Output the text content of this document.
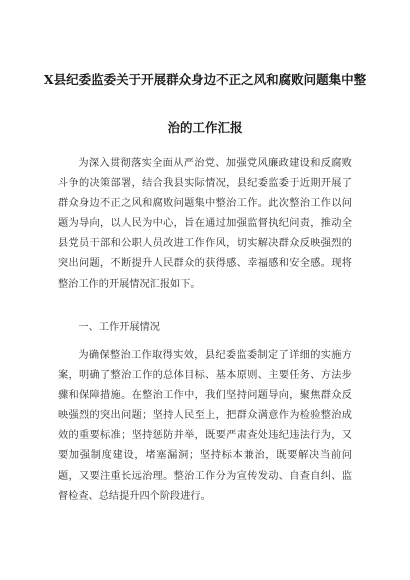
X县纪委监委关于开展群众身边不正之风和腐败问题集中整
治的工作汇报

为深入贯彻落实全面从严治党、加强党风廉政建设和反腐败斗争的决策部署，结合我县实际情况，县纪委监委于近期开展了群众身边不正之风和腐败问题集中整治工作。此次整治工作以问题为导向，以人民为中心，旨在通过加强监督执纪问责，推动全县党员干部和公职人员改进工作作风，切实解决群众反映强烈的突出问题，不断提升人民群众的获得感、幸福感和安全感。现将整治工作的开展情况汇报如下。

一、工作开展情况

为确保整治工作取得实效，县纪委监委制定了详细的实施方案，明确了整治工作的总体目标、基本原则、主要任务、方法步骤和保障措施。在整治工作中，我们坚持问题导向，聚焦群众反映强烈的突出问题；坚持人民至上，把群众满意作为检验整治成效的重要标准；坚持惩防并举，既要严肃查处违纪违法行为，又要加强制度建设，堵塞漏洞；坚持标本兼治，既要解决当前问题，又要注重长远治理。整治工作分为宣传发动、自查自纠、监督检查、总结提升四个阶段进行。
